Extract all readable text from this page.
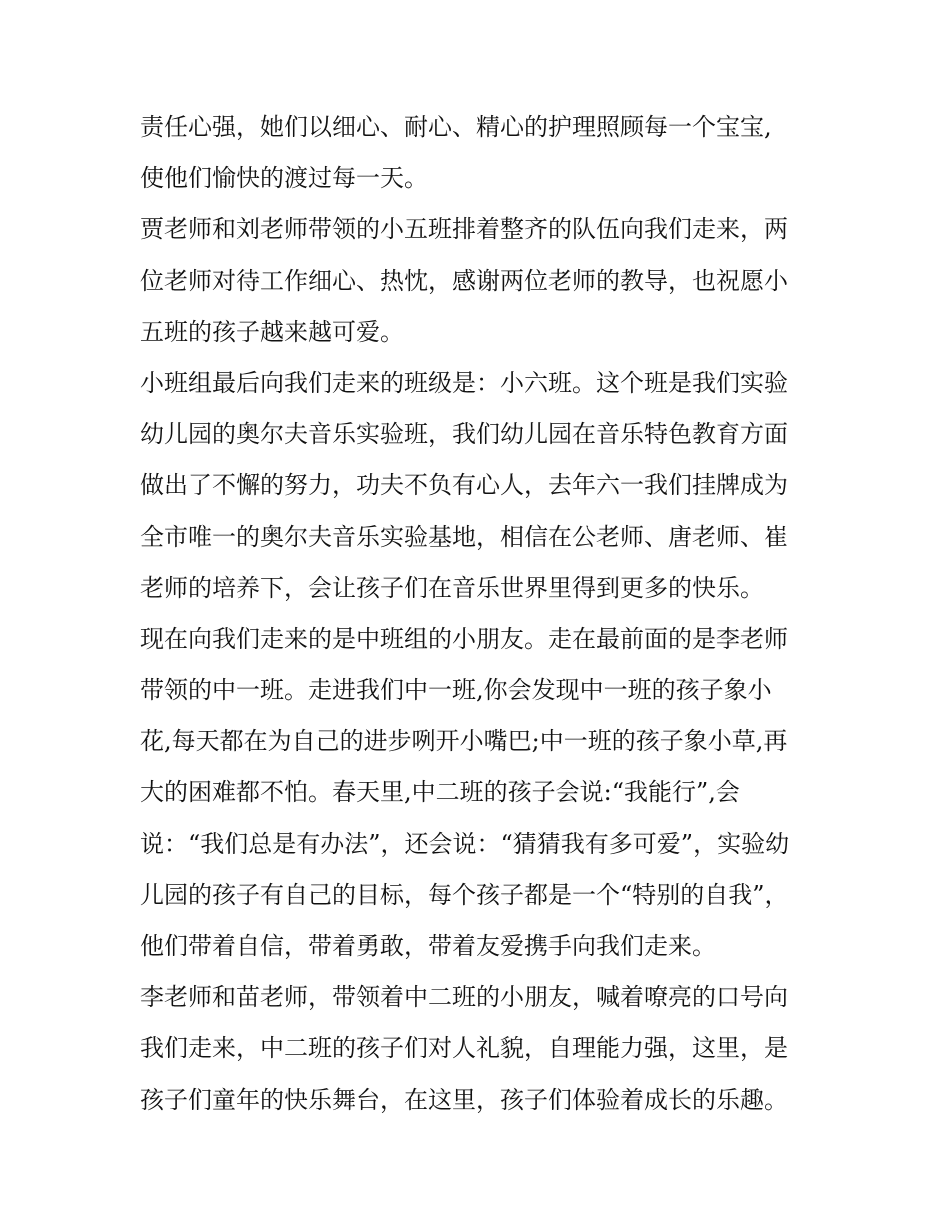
责任心强，她们以细心、耐心、精心的护理照顾每一个宝宝,
使他们愉快的渡过每一天。
贾老师和刘老师带领的小五班排着整齐的队伍向我们走来，两
位老师对待工作细心、热忱，感谢两位老师的教导，也祝愿小
五班的孩子越来越可爱。
小班组最后向我们走来的班级是：小六班。这个班是我们实验
幼儿园的奥尔夫音乐实验班，我们幼儿园在音乐特色教育方面
做出了不懈的努力，功夫不负有心人，去年六一我们挂牌成为
全市唯一的奥尔夫音乐实验基地，相信在公老师、唐老师、崔
老师的培养下，会让孩子们在音乐世界里得到更多的快乐。
现在向我们走来的是中班组的小朋友。走在最前面的是李老师
带领的中一班。走进我们中一班,你会发现中一班的孩子象小
花,每天都在为自己的进步咧开小嘴巴;中一班的孩子象小草,再
大的困难都不怕。春天里,中二班的孩子会说:“我能行”,会
说：“我们总是有办法”，还会说：“猜猜我有多可爱”，实验幼
儿园的孩子有自己的目标，每个孩子都是一个“特别的自我”，
他们带着自信，带着勇敢，带着友爱携手向我们走来。
李老师和苗老师，带领着中二班的小朋友，喊着嘹亮的口号向
我们走来，中二班的孩子们对人礼貌，自理能力强，这里，是
孩子们童年的快乐舞台，在这里，孩子们体验着成长的乐趣。
